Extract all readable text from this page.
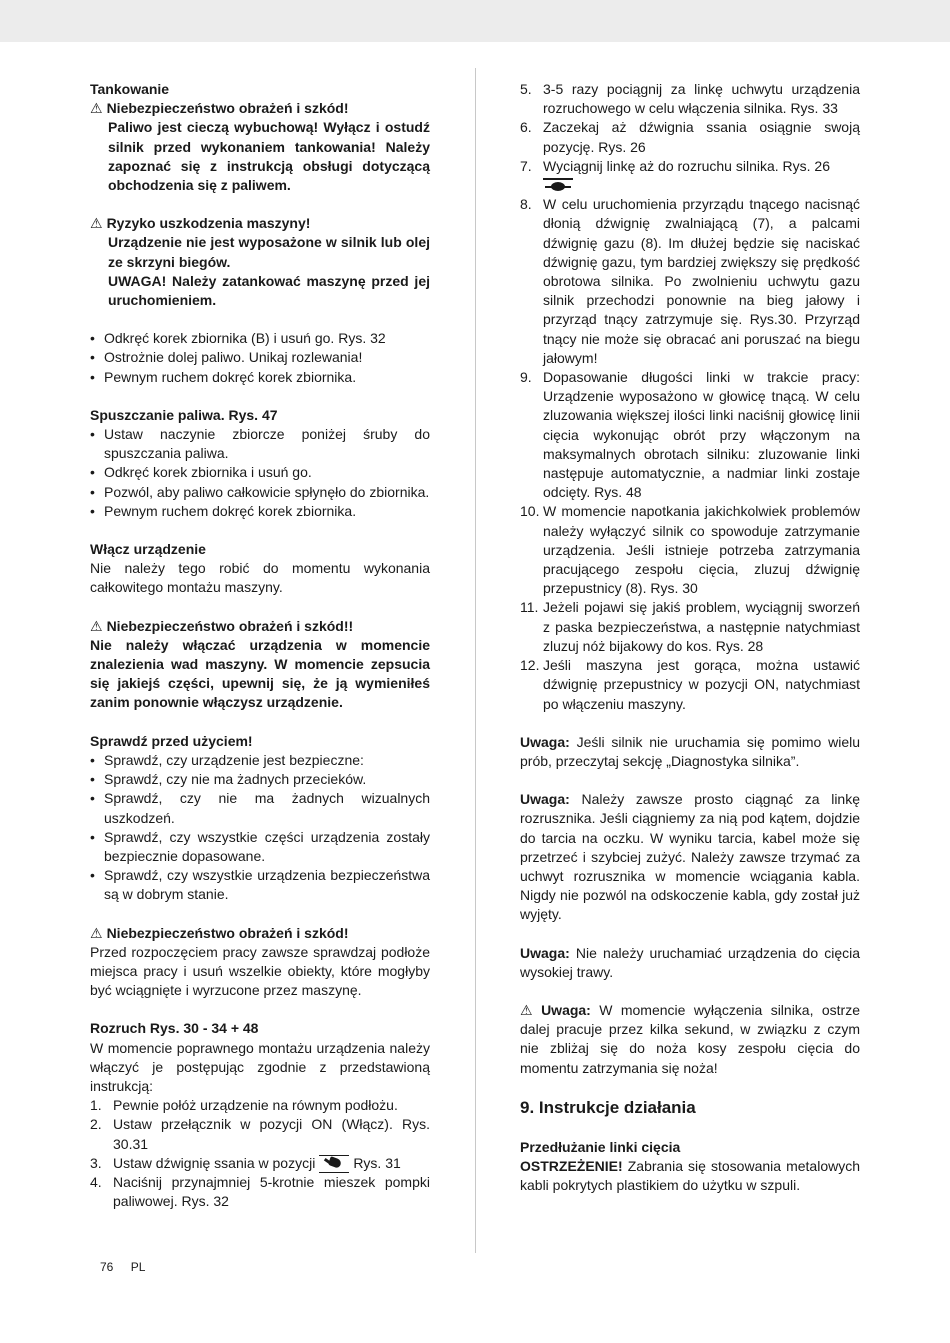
Tankowanie

⚠ Niebezpieczeństwo obrażeń i szkód!

Paliwo jest cieczą wybuchową! Wyłącz i ostudź silnik przed wykonaniem tankowania! Należy zapoznać się z instrukcją obsługi dotyczącą obchodzenia się z paliwem.

⚠ Ryzyko uszkodzenia maszyny!

Urządzenie nie jest wyposażone w silnik lub olej ze skrzyni biegów.

UWAGA! Należy zatankować maszynę przed jej uruchomieniem.

• Odkręć korek zbiornika (B) i usuń go. Rys. 32
• Ostrożnie dolej paliwo. Unikaj rozlewania!
• Pewnym ruchem dokręć korek zbiornika.

Spuszczanie paliwa. Rys. 47

• Ustaw naczynie zbiorcze poniżej śruby do spuszczania paliwa.
• Odkręć korek zbiornika i usuń go.
• Pozwól, aby paliwo całkowicie spłynęło do zbiornika.
• Pewnym ruchem dokręć korek zbiornika.

Włącz urządzenie

Nie należy tego robić do momentu wykonania całkowitego montażu maszyny.

⚠ Niebezpieczeństwo obrażeń i szkód!!

Nie należy włączać urządzenia w momencie znalezienia wad maszyny. W momencie zepsucia się jakiejś części, upewnij się, że ją wymieniłeś zanim ponownie włączysz urządzenie.

Sprawdź przed użyciem!

• Sprawdź, czy urządzenie jest bezpieczne:
• Sprawdź, czy nie ma żadnych przecieków.
• Sprawdź, czy nie ma żadnych wizualnych uszkodzeń.
• Sprawdź, czy wszystkie części urządzenia zostały bezpiecznie dopasowane.
• Sprawdź, czy wszystkie urządzenia bezpieczeństwa są w dobrym stanie.

⚠ Niebezpieczeństwo obrażeń i szkód!

Przed rozpoczęciem pracy zawsze sprawdzaj podłoże miejsca pracy i usuń wszelkie obiekty, które mogłyby być wciągnięte i wyrzucone przez maszynę.

Rozruch Rys. 30 - 34 + 48

W momencie poprawnego montażu urządzenia należy włączyć je postępując zgodnie z przedstawioną instrukcją:

1. Pewnie połóż urządzenie na równym podłożu.
2. Ustaw przełącznik w pozycji ON (Włącz). Rys. 30.31
3. Ustaw dźwignię ssania w pozycji	Rys. 31
4. Naciśnij przynajmniej 5-krotnie mieszek pompki paliwowej. Rys. 32
5. 3-5 razy pociągnij za linkę uchwytu urządzenia rozruchowego w celu włączenia silnika. Rys. 33
6. Zaczekaj aż dźwignia ssania osiągnie swoją pozycję. Rys. 26
7. Wyciągnij linkę aż do rozruchu silnika. Rys. 26

8. W celu uruchomienia przyrządu tnącego nacisnąć dłonią dźwignię zwalniającą (7), a palcami dźwignię gazu (8). Im dłużej będzie się naciskać dźwignię gazu, tym bardziej zwiększy się prędkość obrotowa silnika. Po zwolnieniu uchwytu gazu silnik przechodzi ponownie na bieg jałowy i przyrząd tnący zatrzymuje się. Rys.30. Przyrząd tnący nie może się obracać ani poruszać na biegu jałowym!
9. Dopasowanie długości linki w trakcie pracy: Urządzenie wyposażono w głowicę tnącą. W celu zluzowania większej ilości linki naciśnij głowicę linii cięcia wykonując obrót przy włączonym na maksymalnych obrotach silniku: zluzowanie linki następuje automatycznie, a nadmiar linki zostaje odcięty. Rys. 48
10. W momencie napotkania jakichkolwiek problemów należy wyłączyć silnik co spowoduje zatrzymanie urządzenia. Jeśli istnieje potrzeba zatrzymania pracującego zespołu cięcia, zluzuj dźwignię przepustnicy (8). Rys. 30
11. Jeżeli pojawi się jakiś problem, wyciągnij sworzeń z paska bezpieczeństwa, a następnie natychmiast zluzuj nóż bijakowy do kos. Rys. 28
12. Jeśli maszyna jest gorąca, można ustawić dźwignię przepustnicy w pozycji ON, natychmiast po włączeniu maszyny.

Uwaga: Jeśli silnik nie uruchamia się pomimo wielu prób, przeczytaj sekcję „Diagnostyka silnika”.

Uwaga: Należy zawsze prosto ciągnąć za linkę rozrusznika. Jeśli ciągniemy za nią pod kątem, dojdzie do tarcia na oczku. W wyniku tarcia, kabel może się przetrzeć i szybciej zużyć. Należy zawsze trzymać za uchwyt rozrusznika w momencie wciągania kabla. Nigdy nie pozwól na odskoczenie kabla, gdy został już wyjęty.

Uwaga: Nie należy uruchamiać urządzenia do cięcia wysokiej trawy.

⚠ Uwaga: W momencie wyłączenia silnika, ostrze dalej pracuje przez kilka sekund, w związku z czym nie zbliżaj się do noża kosy zespołu cięcia do momentu zatrzymania się noża!

9. Instrukcje działania

Przedłużanie linki cięcia

OSTRZEŻENIE! Zabrania się stosowania metalowych kabli pokrytych plastikiem do użytku w szpuli.

76 PL
